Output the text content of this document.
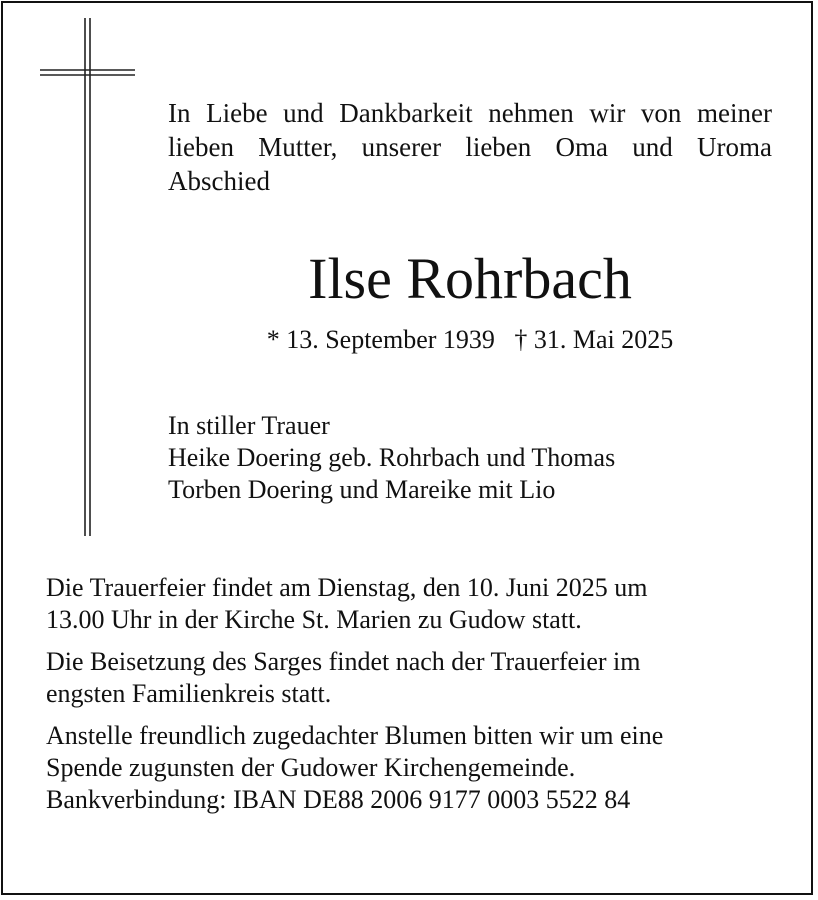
In Liebe und Dankbarkeit nehmen wir von meiner lieben Mutter, unserer lieben Oma und Uroma Abschied
Ilse Rohrbach
* 13. September 1939   † 31. Mai 2025
In stiller Trauer
Heike Doering geb. Rohrbach und Thomas
Torben Doering und Mareike mit Lio

Die Trauerfeier findet am Dienstag, den 10. Juni 2025 um
13.00 Uhr in der Kirche St. Marien zu Gudow statt.

Die Beisetzung des Sarges findet nach der Trauerfeier im
engsten Familienkreis statt.

Anstelle freundlich zugedachter Blumen bitten wir um eine
Spende zugunsten der Gudower Kirchengemeinde.
Bankverbindung: IBAN DE88 2006 9177 0003 5522 84
